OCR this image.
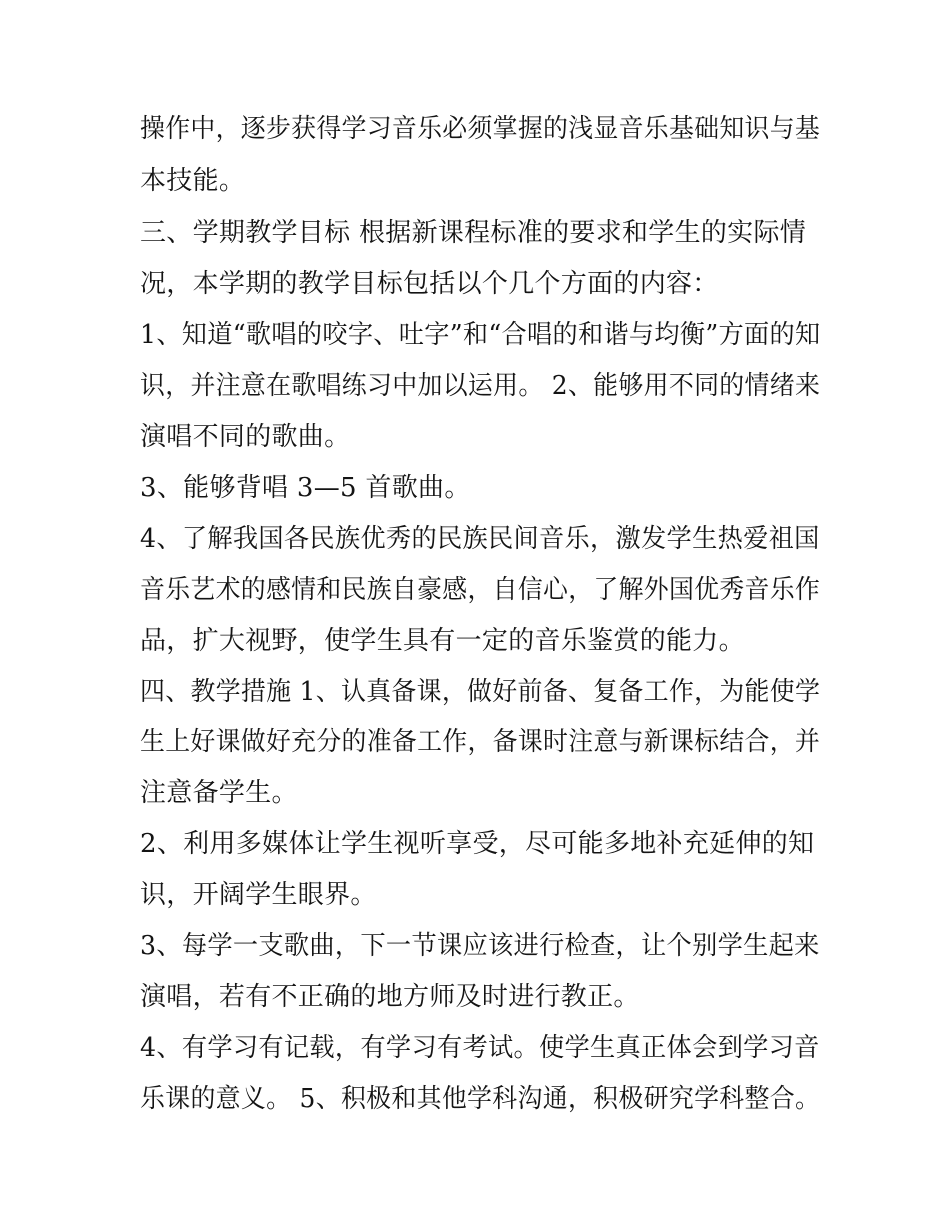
操作中，逐步获得学习音乐必须掌握的浅显音乐基础知识与基
本技能。
三、学期教学目标 根据新课程标准的要求和学生的实际情
况，本学期的教学目标包括以个几个方面的内容：
1、知道“歌唱的咬字、吐字”和“合唱的和谐与均衡”方面的知
识，并注意在歌唱练习中加以运用。 2、能够用不同的情绪来
演唱不同的歌曲。
3、能够背唱 3—5 首歌曲。
4、了解我国各民族优秀的民族民间音乐，激发学生热爱祖国
音乐艺术的感情和民族自豪感，自信心，了解外国优秀音乐作
品，扩大视野，使学生具有一定的音乐鉴赏的能力。
四、教学措施 1、认真备课，做好前备、复备工作，为能使学
生上好课做好充分的准备工作，备课时注意与新课标结合，并
注意备学生。
2、利用多媒体让学生视听享受，尽可能多地补充延伸的知
识，开阔学生眼界。
3、每学一支歌曲，下一节课应该进行检查，让个别学生起来
演唱，若有不正确的地方师及时进行教正。
4、有学习有记载，有学习有考试。使学生真正体会到学习音
乐课的意义。 5、积极和其他学科沟通，积极研究学科整合。
